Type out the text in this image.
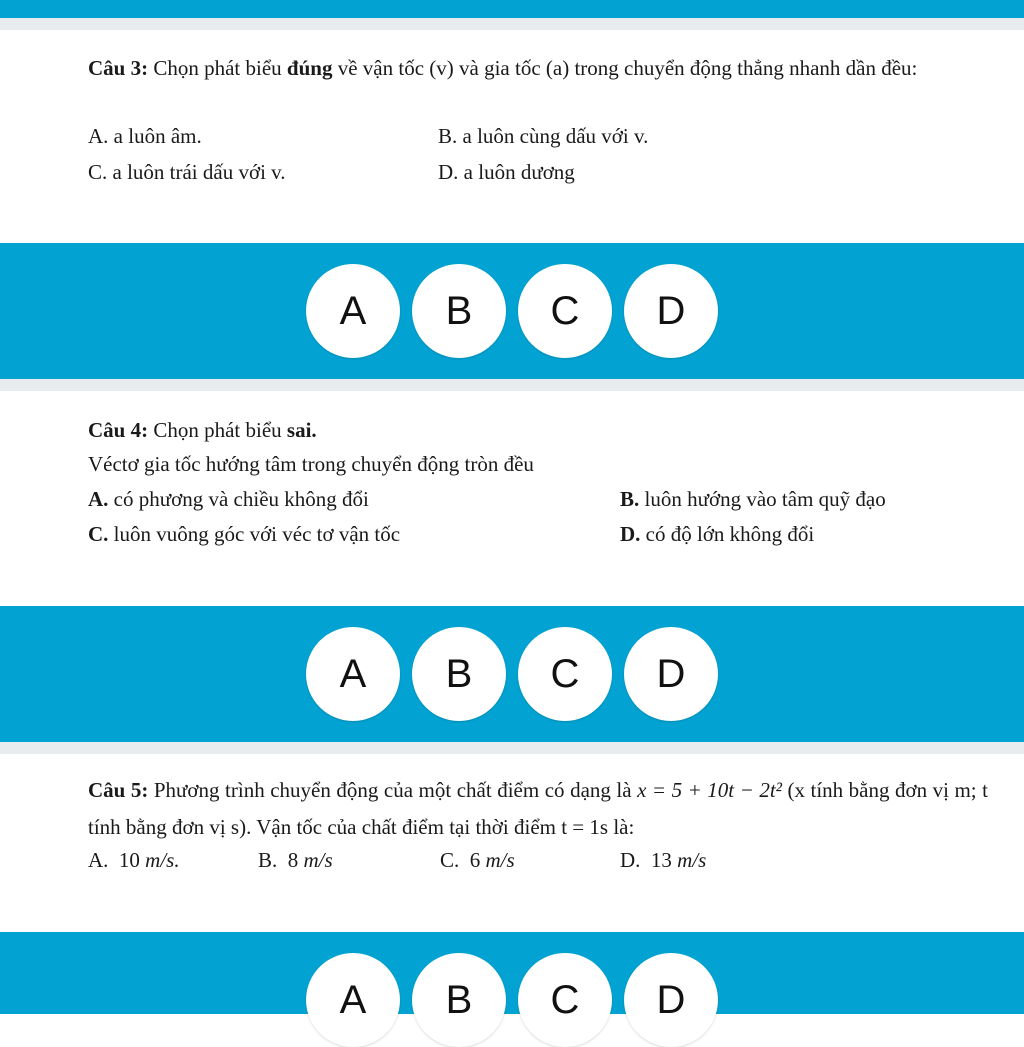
Câu 3: Chọn phát biểu đúng về vận tốc (v) và gia tốc (a) trong chuyển động thẳng nhanh dần đều:
A. a luôn âm.	B. a luôn cùng dấu với v.
C. a luôn trái dấu với v.	D. a luôn dương
A	B	C	D
Câu 4: Chọn phát biểu sai.
Véctơ gia tốc hướng tâm trong chuyển động tròn đều
A. có phương và chiều không đổi	B. luôn hướng vào tâm quỹ đạo
C. luôn vuông góc với véc tơ vận tốc	D. có độ lớn không đổi
A	B	C	D
Câu 5: Phương trình chuyển động của một chất điểm có dạng là x = 5 + 10t − 2t² (x tính bằng đơn vị m; t tính bằng đơn vị s). Vận tốc của chất điểm tại thời điểm t = 1s là:
A. 10 m/s.	B. 8 m/s	C. 6 m/s	D. 13 m/s
A	B	C	D
